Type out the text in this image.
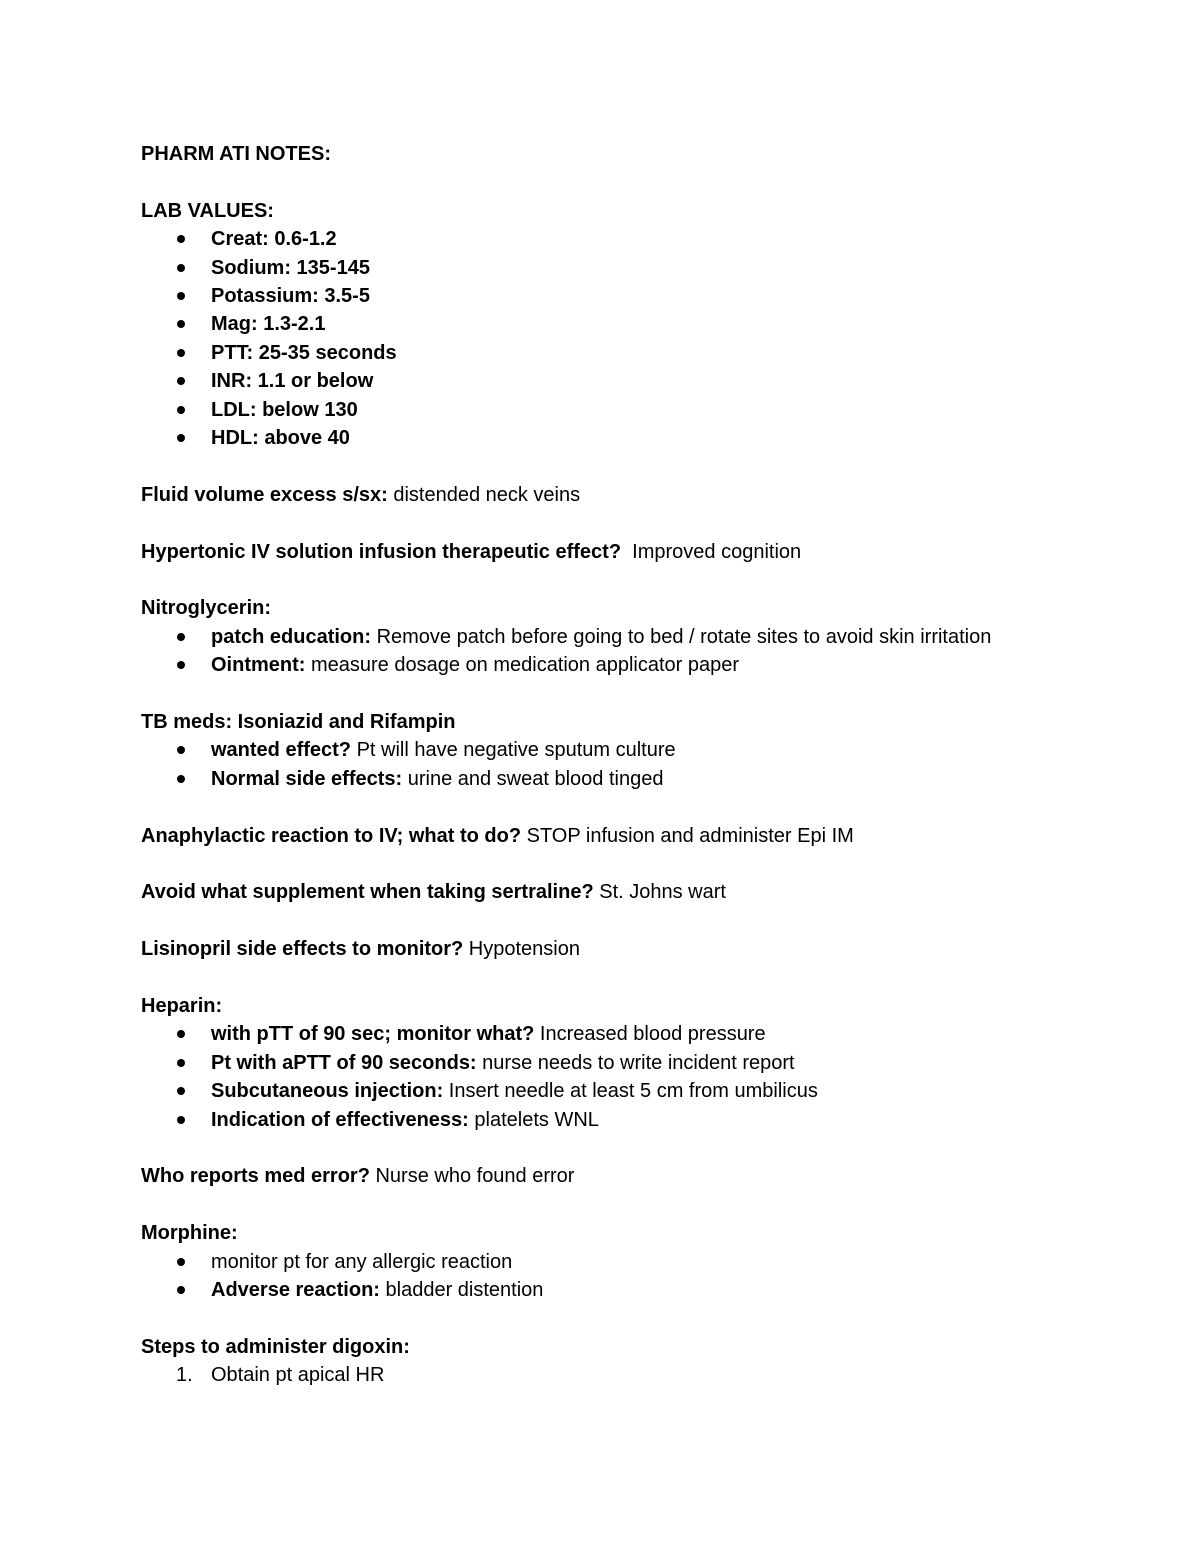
PHARM ATI NOTES:

LAB VALUES:

Creat: 0.6-1.2
Sodium: 135-145
Potassium: 3.5-5
Mag: 1.3-2.1
PTT: 25-35 seconds
INR: 1.1 or below
LDL: below 130
HDL: above 40

Fluid volume excess s/sx: distended neck veins

Hypertonic IV solution infusion therapeutic effect?  Improved cognition

Nitroglycerin:

patch education: Remove patch before going to bed / rotate sites to avoid skin irritation
Ointment: measure dosage on medication applicator paper

TB meds: Isoniazid and Rifampin

wanted effect? Pt will have negative sputum culture
Normal side effects: urine and sweat blood tinged

Anaphylactic reaction to IV; what to do? STOP infusion and administer Epi IM

Avoid what supplement when taking sertraline? St. Johns wart

Lisinopril side effects to monitor? Hypotension

Heparin:

with pTT of 90 sec; monitor what? Increased blood pressure
Pt with aPTT of 90 seconds: nurse needs to write incident report
Subcutaneous injection: Insert needle at least 5 cm from umbilicus
Indication of effectiveness: platelets WNL

Who reports med error? Nurse who found error

Morphine:

monitor pt for any allergic reaction
Adverse reaction: bladder distention

Steps to administer digoxin:

1. Obtain pt apical HR
